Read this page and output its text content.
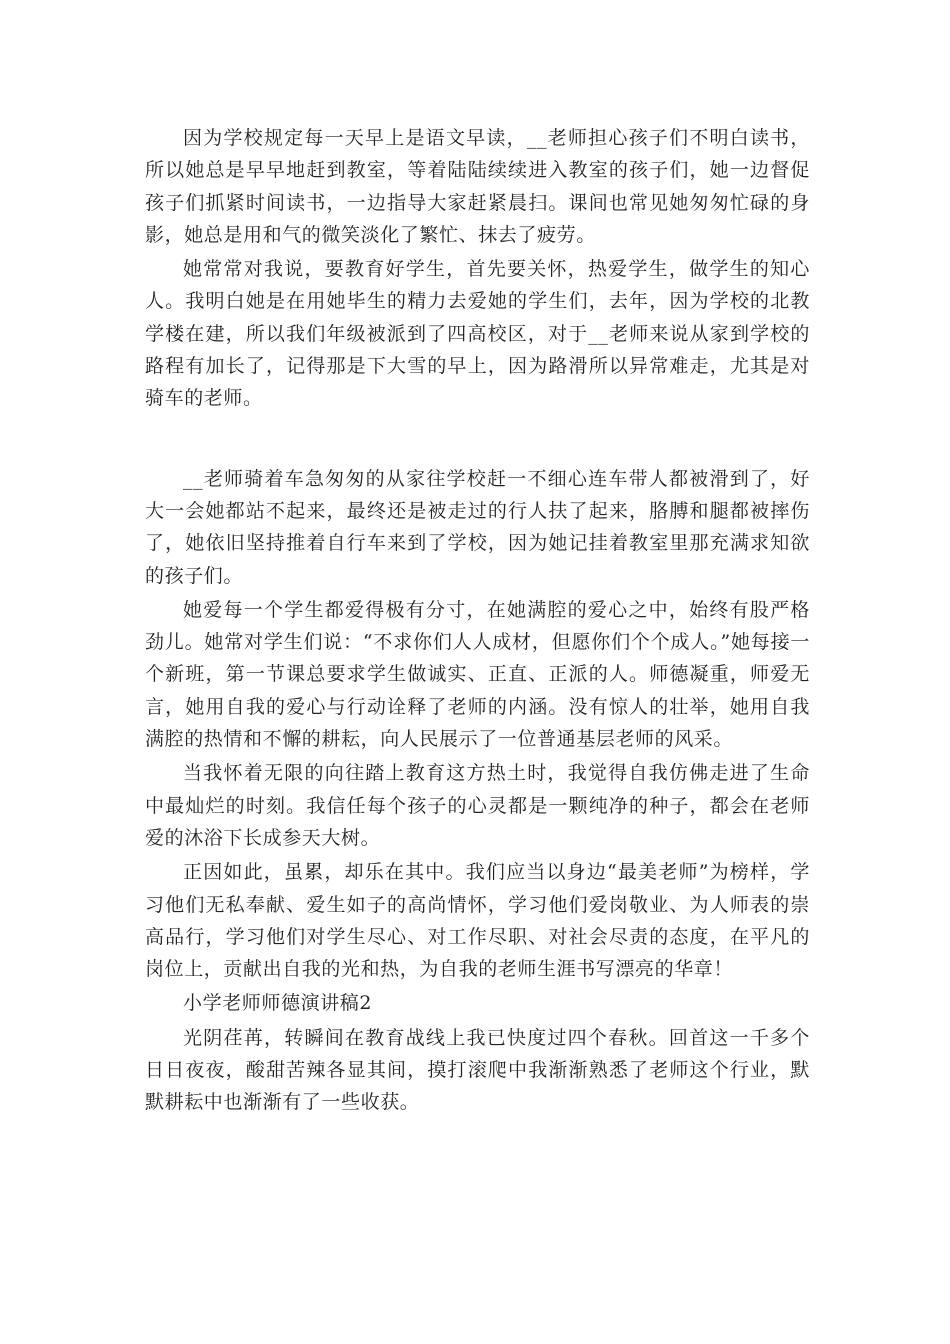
因为学校规定每一天早上是语文早读，__老师担心孩子们不明白读书，所以她总是早早地赶到教室，等着陆陆续续进入教室的孩子们，她一边督促孩子们抓紧时间读书，一边指导大家赶紧晨扫。课间也常见她匆匆忙碌的身影，她总是用和气的微笑淡化了繁忙、抹去了疲劳。

她常常对我说，要教育好学生，首先要关怀，热爱学生，做学生的知心人。我明白她是在用她毕生的精力去爱她的学生们，去年，因为学校的北教学楼在建，所以我们年级被派到了四高校区，对于__老师来说从家到学校的路程有加长了，记得那是下大雪的早上，因为路滑所以异常难走，尤其是对骑车的老师。

__老师骑着车急匆匆的从家往学校赶一不细心连车带人都被滑到了，好大一会她都站不起来，最终还是被走过的行人扶了起来，胳膊和腿都被摔伤了，她依旧坚持推着自行车来到了学校，因为她记挂着教室里那充满求知欲的孩子们。

她爱每一个学生都爱得极有分寸，在她满腔的爱心之中，始终有股严格劲儿。她常对学生们说：“不求你们人人成材，但愿你们个个成人。”她每接一个新班，第一节课总要求学生做诚实、正直、正派的人。师德凝重，师爱无言，她用自我的爱心与行动诠释了老师的内涵。没有惊人的壮举，她用自我满腔的热情和不懈的耕耘，向人民展示了一位普通基层老师的风采。

当我怀着无限的向往踏上教育这方热土时，我觉得自我仿佛走进了生命中最灿烂的时刻。我信任每个孩子的心灵都是一颗纯净的种子，都会在老师爱的沐浴下长成参天大树。

正因如此，虽累，却乐在其中。我们应当以身边“最美老师”为榜样，学习他们无私奉献、爱生如子的高尚情怀，学习他们爱岗敬业、为人师表的崇高品行，学习他们对学生尽心、对工作尽职、对社会尽责的态度，在平凡的岗位上，贡献出自我的光和热，为自我的老师生涯书写漂亮的华章！

小学老师师德演讲稿2

光阴荏苒，转瞬间在教育战线上我已快度过四个春秋。回首这一千多个日日夜夜，酸甜苦辣各显其间，摸打滚爬中我渐渐熟悉了老师这个行业，默默耕耘中也渐渐有了一些收获。
